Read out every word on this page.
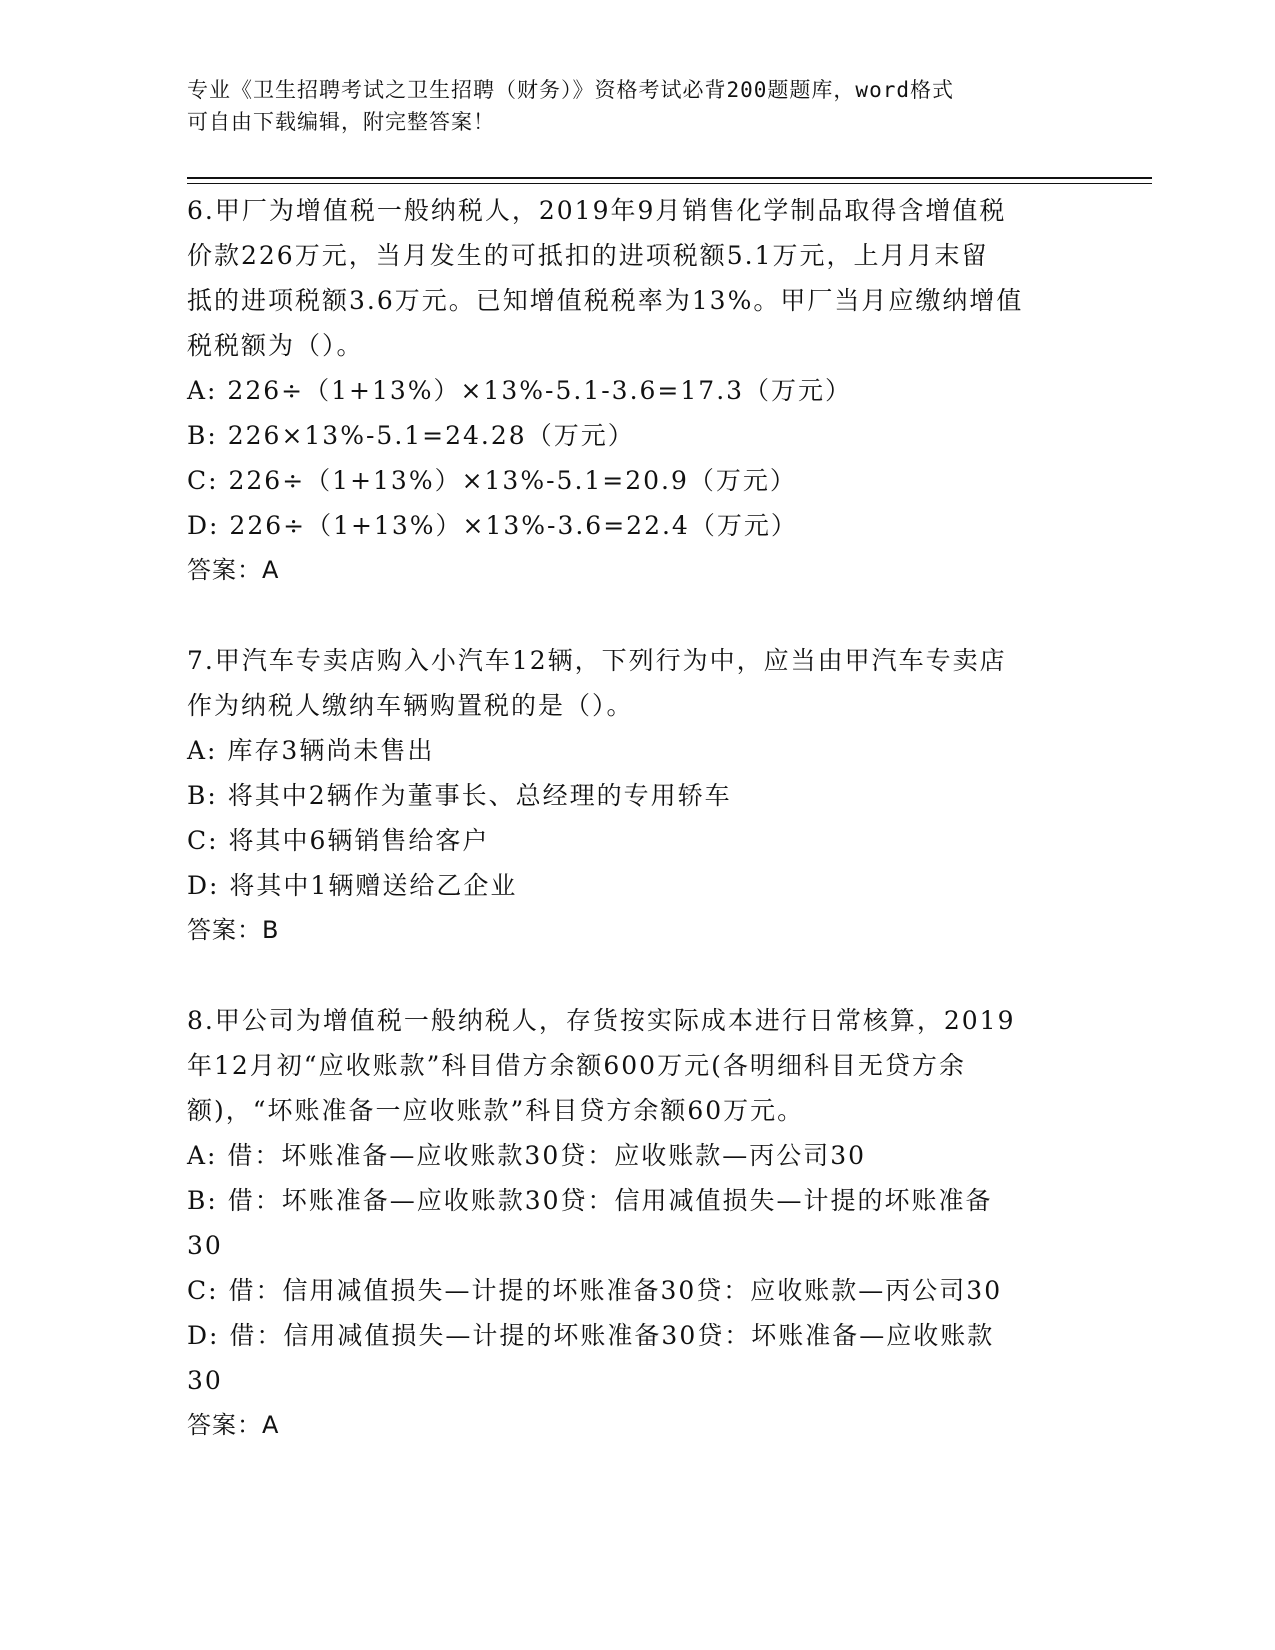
专业《卫生招聘考试之卫生招聘（财务）》资格考试必背200题题库，word格式
可自由下载编辑，附完整答案！
6.甲厂为增值税一般纳税人，2019年9月销售化学制品取得含增值税
价款226万元，当月发生的可抵扣的进项税额5.1万元，上月月末留
抵的进项税额3.6万元。已知增值税税率为13%。甲厂当月应缴纳增值
税税额为（）。
A: 226÷（1+13%）×13%-5.1-3.6=17.3（万元）
B: 226×13%-5.1=24.28（万元）
C: 226÷（1+13%）×13%-5.1=20.9（万元）
D: 226÷（1+13%）×13%-3.6=22.4（万元）
答案：A
7.甲汽车专卖店购入小汽车12辆，下列行为中，应当由甲汽车专卖店
作为纳税人缴纳车辆购置税的是（）。
A: 库存3辆尚未售出
B: 将其中2辆作为董事长、总经理的专用轿车
C: 将其中6辆销售给客户
D: 将其中1辆赠送给乙企业
答案：B
8.甲公司为增值税一般纳税人，存货按实际成本进行日常核算，2019
年12月初“应收账款”科目借方余额600万元(各明细科目无贷方余
额)，“坏账准备一应收账款”科目贷方余额60万元。
A: 借：坏账准备—应收账款30贷：应收账款—丙公司30
B: 借：坏账准备—应收账款30贷：信用减值损失—计提的坏账准备
30
C: 借：信用减值损失—计提的坏账准备30贷：应收账款—丙公司30
D: 借：信用减值损失—计提的坏账准备30贷：坏账准备—应收账款
30
答案：A
